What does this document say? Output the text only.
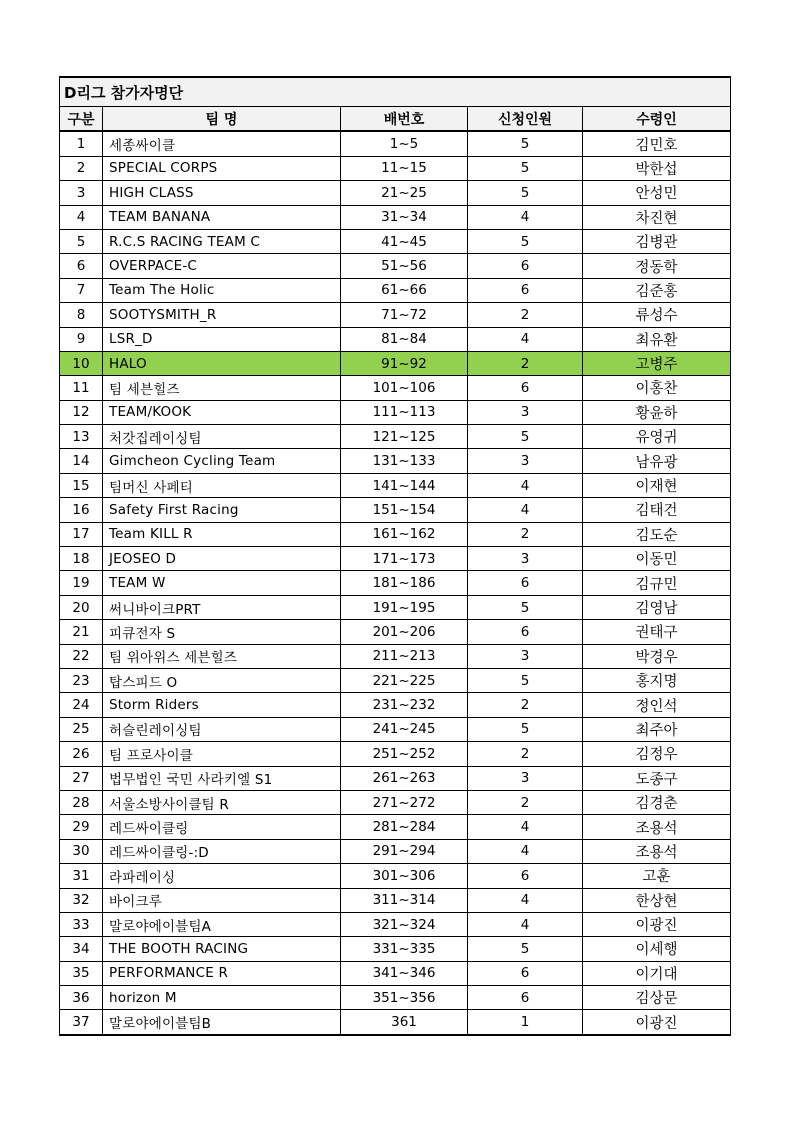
D리그 참가자명단				
구분	팀 명	배번호	신청인원	수령인
1	세종싸이클	1~5	5	김민호
2	SPECIAL CORPS	11~15	5	박한섭
3	HIGH CLASS	21~25	5	안성민
4	TEAM BANANA	31~34	4	차진현
5	R.C.S RACING TEAM C	41~45	5	김병관
6	OVERPACE-C	51~56	6	정동학
7	Team The Holic	61~66	6	김준홍
8	SOOTYSMITH_R	71~72	2	류성수
9	LSR_D	81~84	4	최유환
10	HALO	91~92	2	고병주
11	팀 세븐힐즈	101~106	6	이홍찬
12	TEAM/KOOK	111~113	3	황윤하
13	처갓집레이싱팀	121~125	5	유영귀
14	Gimcheon Cycling Team	131~133	3	남유광
15	팀머신 사페티	141~144	4	이재현
16	Safety First Racing	151~154	4	김태건
17	Team KILL R	161~162	2	김도순
18	JEOSEO D	171~173	3	이동민
19	TEAM W	181~186	6	김규민
20	써니바이크PRT	191~195	5	김영남
21	피큐전자 S	201~206	6	권태구
22	팀 위아위스 세븐힐즈	211~213	3	박경우
23	탑스피드 O	221~225	5	홍지명
24	Storm Riders	231~232	2	정인석
25	허슬린레이싱팀	241~245	5	최주아
26	팀 프로사이클	251~252	2	김정우
27	법무법인 국민 사라키엘 S1	261~263	3	도종구
28	서울소방사이클팀 R	271~272	2	김경춘
29	레드싸이클링	281~284	4	조용석
30	레드싸이클링-:D	291~294	4	조용석
31	라파레이싱	301~306	6	고훈
32	바이크루	311~314	4	한상현
33	말로야에이블팀A	321~324	4	이광진
34	THE BOOTH RACING	331~335	5	이세행
35	PERFORMANCE R	341~346	6	이기대
36	horizon M	351~356	6	김상문
37	말로야에이블팀B	361	1	이광진
